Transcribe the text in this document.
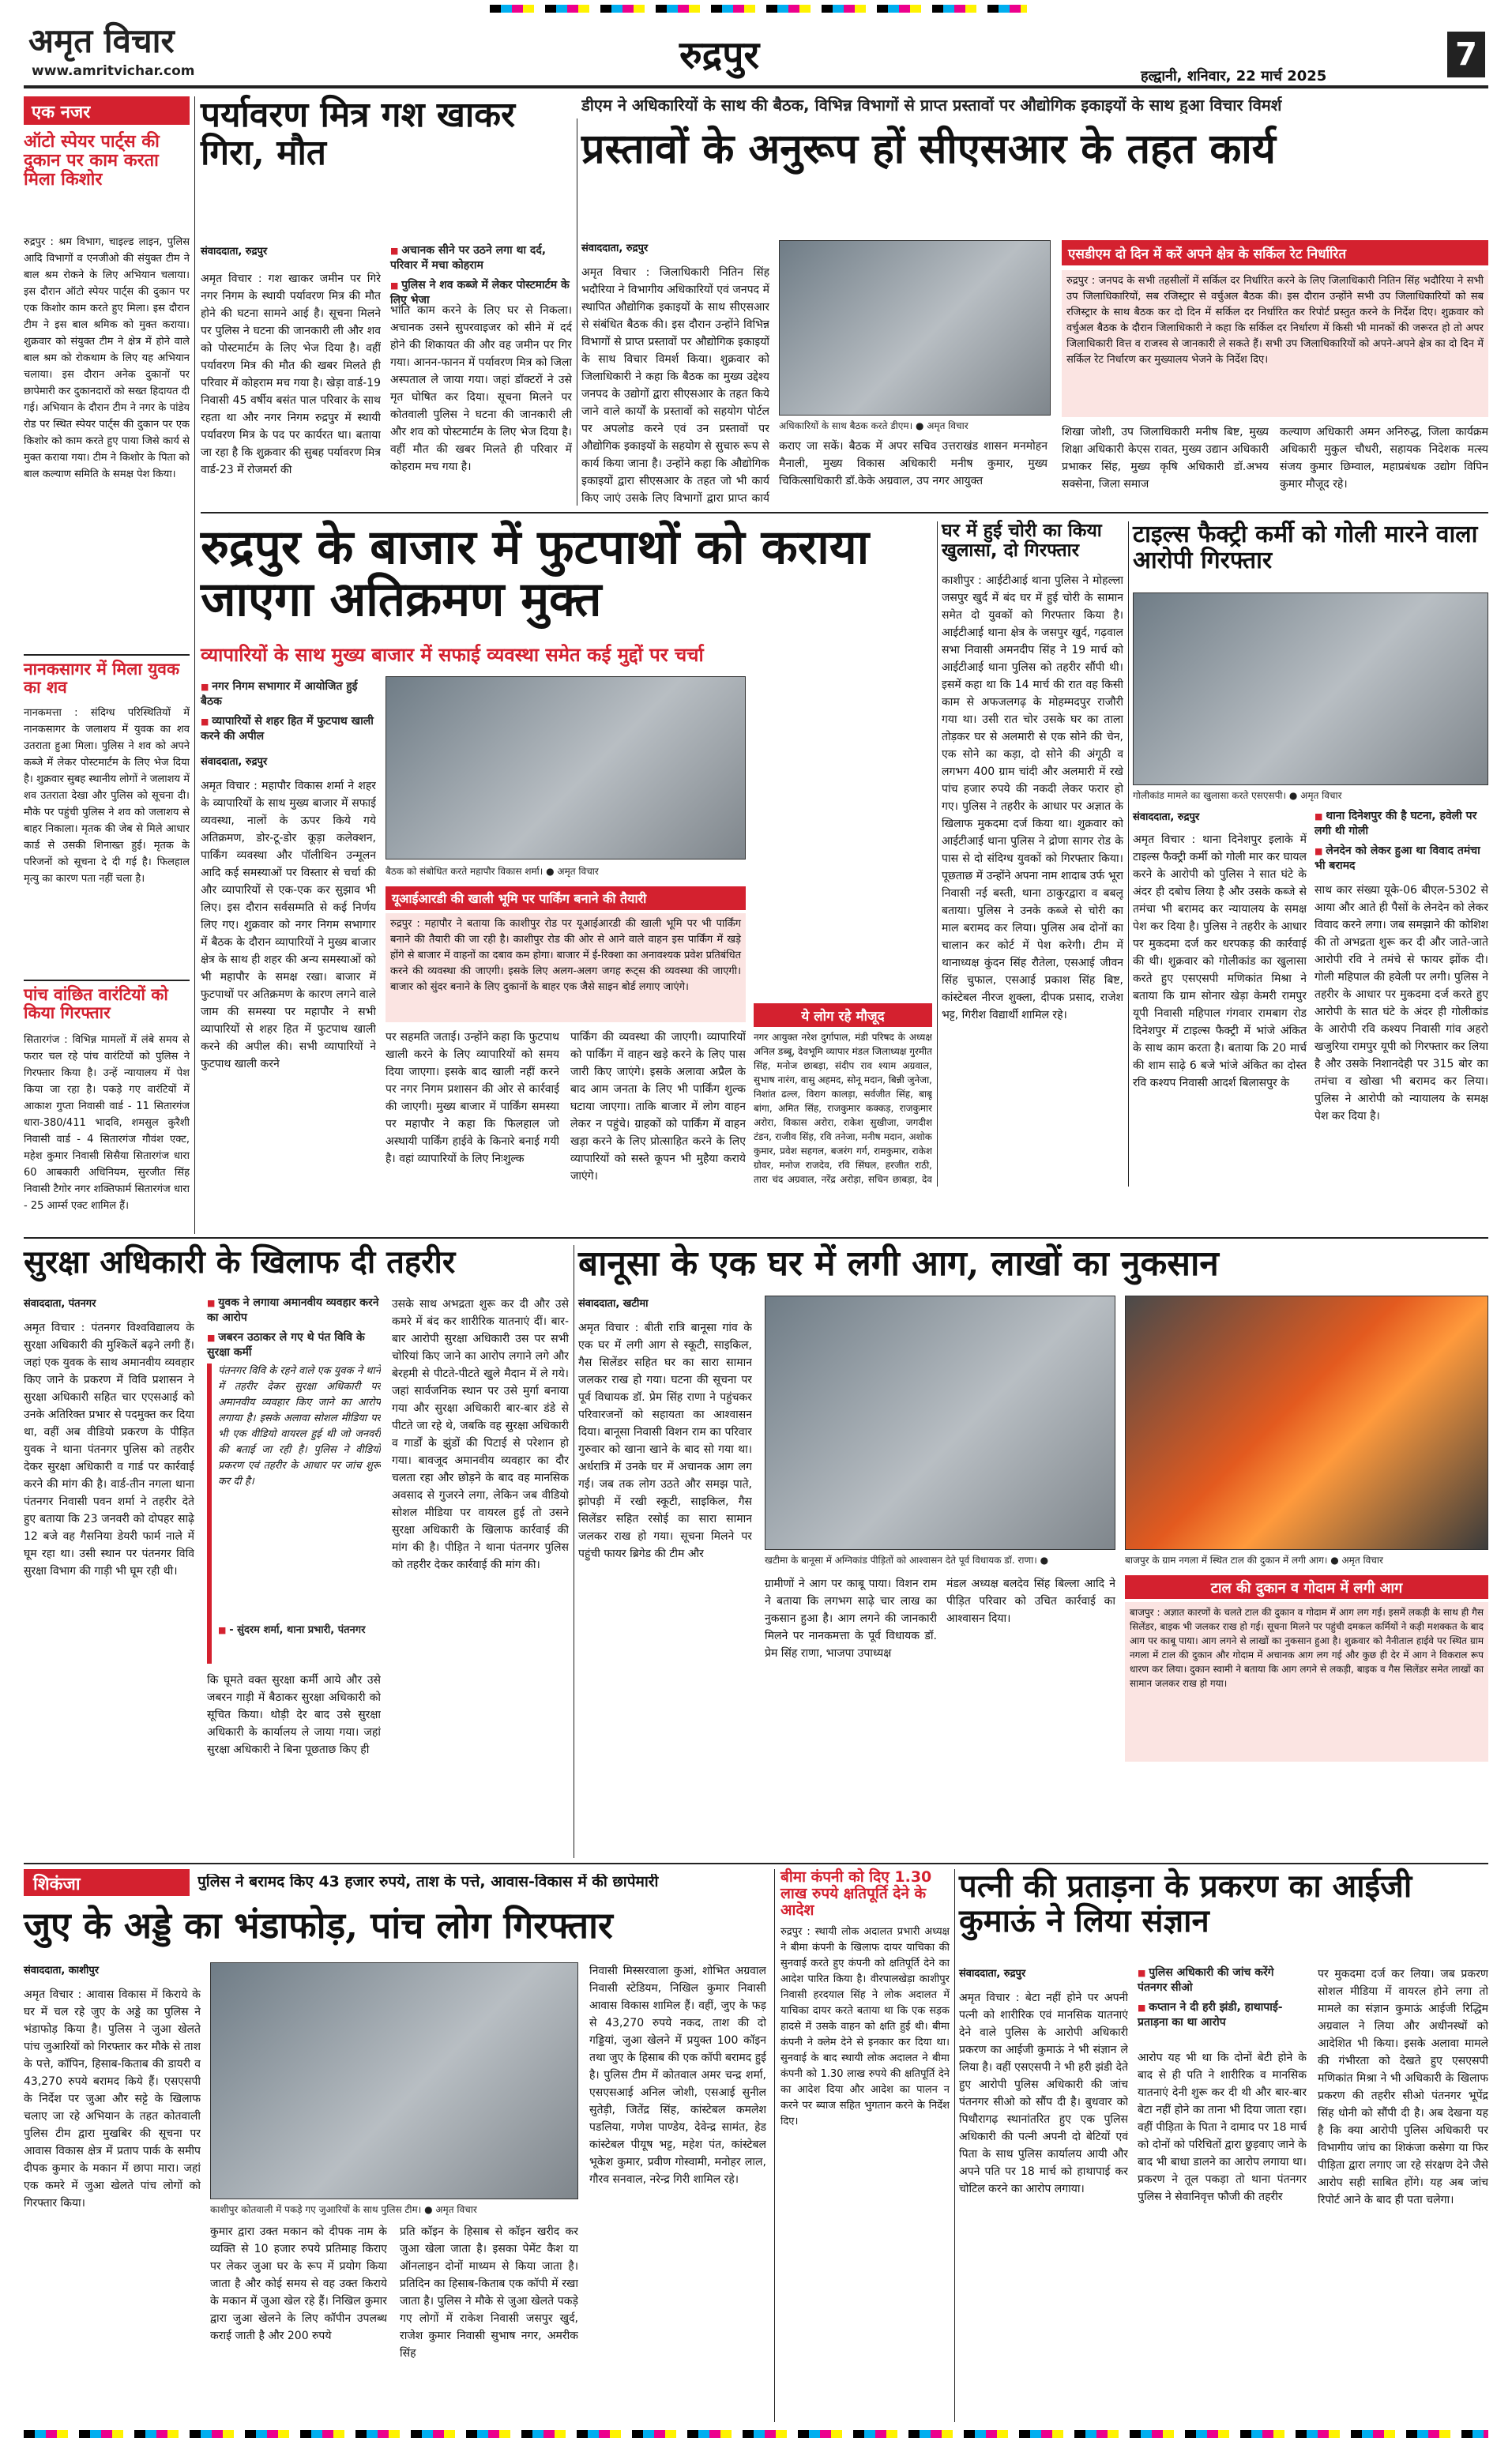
अमृत विचार
www.amritvichar.com	रुद्रपुर	हल्द्वानी, शनिवार, 22 मार्च 2025
7
एक नजर
ऑटो स्पेयर पार्ट्स की दुकान पर काम करता मिला किशोर
रुद्रपुर : श्रम विभाग, चाइल्ड लाइन, पुलिस आदि विभागों व एनजीओ की संयुक्त टीम ने बाल श्रम रोकने के लिए अभियान चलाया। इस दौरान ऑटो स्पेयर पार्ट्स की दुकान पर एक किशोर काम करते हुए मिला। इस दौरान टीम ने इस बाल श्रमिक को मुक्त कराया। शुक्रवार को संयुक्त टीम ने क्षेत्र में होने वाले बाल श्रम को रोकथाम के लिए यह अभियान चलाया। इस दौरान अनेक दुकानों पर छापेमारी कर दुकानदारों को सख्त हिदायत दी गई। अभियान के दौरान टीम ने नगर के पांडेय रोड पर स्थित स्पेयर पार्ट्स की दुकान पर एक किशोर को काम करते हुए पाया जिसे कार्य से मुक्त कराया गया। टीम ने किशोर के पिता को बाल कल्याण समिति के समक्ष पेश किया।
नानकसागर में मिला युवक का शव
नानकमत्ता : संदिग्ध परिस्थितियों में नानकसागर के जलाशय में युवक का शव उतराता हुआ मिला। पुलिस ने शव को अपने कब्जे में लेकर पोस्टमार्टम के लिए भेज दिया है। शुक्रवार सुबह स्थानीय लोगों ने जलाशय में शव उतराता देखा और पुलिस को सूचना दी। मौके पर पहुंची पुलिस ने शव को जलाशय से बाहर निकाला। मृतक की जेब से मिले आधार कार्ड से उसकी शिनाख्त हुई। मृतक के परिजनों को सूचना दे दी गई है। फिलहाल मृत्यु का कारण पता नहीं चला है।
पांच वांछित वारंटियों को किया गिरफ्तार
सितारगंज : विभिन्न मामलों में लंबे समय से फरार चल रहे पांच वारंटियों को पुलिस ने गिरफ्तार किया है। उन्हें न्यायालय में पेश किया जा रहा है। पकड़े गए वारंटियों में आकाश गुप्ता निवासी वार्ड - 11 सितारगंज धारा-380/411 भादवि, शमसुल कुरैशी निवासी वार्ड - 4 सितारगंज गौवंश एक्ट, महेश कुमार निवासी सिसैया सितारगंज धारा 60 आबकारी अधिनियम, सुरजीत सिंह निवासी टैगोर नगर शक्तिफार्म सितारगंज धारा - 25 आर्म्स एक्ट शामिल हैं।
पर्यावरण मित्र गश खाकर गिरा, मौत
संवाददाता, रुद्रपुर	■ अचानक सीने पर उठने लगा था दर्द, परिवार में मचा कोहराम
■ पुलिस ने शव कब्जे में लेकर पोस्टमार्टम के लिए भेजा
अमृत विचार : गश खाकर जमीन पर गिरे नगर निगम के स्थायी पर्यावरण मित्र की मौत होने की घटना सामने आई है। सूचना मिलने पर पुलिस ने घटना की जानकारी ली और शव को पोस्टमार्टम के लिए भेज दिया है। वहीं पर्यावरण मित्र की मौत की खबर मिलते ही परिवार में कोहराम मच गया है। खेड़ा वार्ड-19 निवासी 45 वर्षीय बसंत पाल परिवार के साथ रहता था और नगर निगम रुद्रपुर में स्थायी पर्यावरण मित्र के पद पर कार्यरत था। बताया जा रहा है कि शुक्रवार की सुबह पर्यावरण मित्र वार्ड-23 में रोजमर्रा की
भांति काम करने के लिए घर से निकला। अचानक उसने सुपरवाइजर को सीने में दर्द होने की शिकायत की और वह जमीन पर गिर गया। आनन-फानन में पर्यावरण मित्र को जिला अस्पताल ले जाया गया। जहां डॉक्टरों ने उसे मृत घोषित कर दिया। सूचना मिलने पर कोतवाली पुलिस ने घटना की जानकारी ली और शव को पोस्टमार्टम के लिए भेज दिया है। वहीं मौत की खबर मिलते ही परिवार में कोहराम मच गया है।
डीएम ने अधिकारियों के साथ की बैठक, विभिन्न विभागों से प्राप्त प्रस्तावों पर औद्योगिक इकाइयों के साथ हुआ विचार विमर्श
प्रस्तावों के अनुरूप हों सीएसआर के तहत कार्य
संवाददाता, रुद्रपुर
अमृत विचार : जिलाधिकारी नितिन सिंह भदौरिया ने विभागीय अधिकारियों एवं जनपद में स्थापित औद्योगिक इकाइयों के साथ सीएसआर से संबंधित बैठक की। इस दौरान उन्होंने विभिन्न विभागों से प्राप्त प्रस्तावों पर औद्योगिक इकाइयों के साथ विचार विमर्श किया। शुक्रवार को जिलाधिकारी ने कहा कि बैठक का मुख्य उद्देश्य जनपद के उद्योगों द्वारा सीएसआर के तहत किये जाने वाले कार्यों के प्रस्तावों को सहयोग पोर्टल पर अपलोड करने एवं उन प्रस्तावों पर औद्योगिक इकाइयों के सहयोग से सुचारु रूप से कार्य किया जाना है। उन्होंने कहा कि औद्योगिक इकाइयों द्वारा सीएसआर के तहत जो भी कार्य किए जाएं उसके लिए विभागों द्वारा प्राप्त कार्य
अधिकारियों के साथ बैठक करते डीएम। ● अमृत विचार
कराए जा सकें। बैठक में अपर सचिव उत्तराखंड शासन मनमोहन मैनाली, मुख्य विकास अधिकारी मनीष कुमार, मुख्य चिकित्साधिकारी डॉ.केके अग्रवाल, उप नगर आयुक्त
एसडीएम दो दिन में करें अपने क्षेत्र के सर्किल रेट निर्धारित
रुद्रपुर : जनपद के सभी तहसीलों में सर्किल दर निर्धारित करने के लिए जिलाधिकारी नितिन सिंह भदौरिया ने सभी उप जिलाधिकारियों, सब रजिस्ट्रार से वर्चुअल बैठक की। इस दौरान उन्होंने सभी उप जिलाधिकारियों को सब रजिस्ट्रार के साथ बैठक कर दो दिन में सर्किल दर निर्धारित कर रिपोर्ट प्रस्तुत करने के निर्देश दिए। शुक्रवार को वर्चुअल बैठक के दौरान जिलाधिकारी ने कहा कि सर्किल दर निर्धारण में किसी भी मानकों की जरूरत हो तो अपर जिलाधिकारी वित्त व राजस्व से जानकारी ले सकते हैं। सभी उप जिलाधिकारियों को अपने-अपने क्षेत्र का दो दिन में सर्किल रेट निर्धारण कर मुख्यालय भेजने के निर्देश दिए।
शिखा जोशी, उप जिलाधिकारी मनीष बिष्ट, मुख्य शिक्षा अधिकारी केएस रावत, मुख्य उद्यान अधिकारी प्रभाकर सिंह, मुख्य कृषि अधिकारी डॉ.अभय सक्सेना, जिला समाज
कल्याण अधिकारी अमन अनिरुद्ध, जिला कार्यक्रम अधिकारी मुकुल चौधरी, सहायक निदेशक मत्स्य संजय कुमार छिम्वाल, महाप्रबंधक उद्योग विपिन कुमार मौजूद रहे।
रुद्रपुर के बाजार में फुटपाथों को कराया जाएगा अतिक्रमण मुक्त
व्यापारियों के साथ मुख्य बाजार में सफाई व्यवस्था समेत कई मुद्दों पर चर्चा
■ नगर निगम सभागार में आयोजित हुई बैठक
■ व्यापारियों से शहर हित में फुटपाथ खाली करने की अपील
बैठक को संबोधित करते महापौर विकास शर्मा। ● अमृत विचार
संवाददाता, रुद्रपुर
अमृत विचार : महापौर विकास शर्मा ने शहर के व्यापारियों के साथ मुख्य बाजार में सफाई व्यवस्था, नालों के ऊपर किये गये अतिक्रमण, डोर-टू-डोर कूड़ा कलेक्शन, पार्किंग व्यवस्था और पॉलीथिन उन्मूलन आदि कई समस्याओं पर विस्तार से चर्चा की और व्यापारियों से एक-एक कर सुझाव भी लिए। इस दौरान सर्वसम्मति से कई निर्णय लिए गए। शुक्रवार को नगर निगम सभागार में बैठक के दौरान व्यापारियों ने मुख्य बाजार क्षेत्र के साथ ही शहर की अन्य समस्याओं को भी महापौर के समक्ष रखा। बाजार में फुटपाथों पर अतिक्रमण के कारण लगने वाले जाम की समस्या पर महापौर ने सभी व्यापारियों से शहर हित में फुटपाथ खाली करने की अपील की। सभी व्यापारियों ने फुटपाथ खाली करने
यूआईआरडी की खाली भूमि पर पार्किंग बनाने की तैयारी
रुद्रपुर : महापौर ने बताया कि काशीपुर रोड पर यूआईआरडी की खाली भूमि पर भी पार्किंग बनाने की तैयारी की जा रही है। काशीपुर रोड की ओर से आने वाले वाहन इस पार्किंग में खड़े होंगे से बाजार में वाहनों का दबाव कम होगा। बाजार में ई-रिक्शा का अनावश्यक प्रवेश प्रतिबंधित करने की व्यवस्था की जाएगी। इसके लिए अलग-अलग जगह रूट्स की व्यवस्था की जाएगी। बाजार को सुंदर बनाने के लिए दुकानों के बाहर एक जैसे साइन बोर्ड लगाए जाएंगे।
पर सहमति जताई। उन्होंने कहा कि फुटपाथ खाली करने के लिए व्यापारियों को समय दिया जाएगा। इसके बाद खाली नहीं करने पर नगर निगम प्रशासन की ओर से कार्रवाई की जाएगी। मुख्य बाजार में पार्किंग समस्या पर महापौर ने कहा कि फिलहाल जो अस्थायी पार्किंग हाईवे के किनारे बनाई गयी है। वहां व्यापारियों के लिए निःशुल्क
पार्किंग की व्यवस्था की जाएगी। व्यापारियों को पार्किंग में वाहन खड़े करने के लिए पास जारी किए जाएंगे। इसके अलावा अप्रैल के बाद आम जनता के लिए भी पार्किंग शुल्क घटाया जाएगा। ताकि बाजार में लोग वाहन लेकर न पहुंचे। ग्राहकों को पार्किंग में वाहन खड़ा करने के लिए प्रोत्साहित करने के लिए व्यापारियों को सस्ते कूपन भी मुहैया कराये जाएंगे।
ये लोग रहे मौजूद
नगर आयुक्त नरेश दुर्गापाल, मंडी परिषद के अध्यक्ष अनिल डब्बू, देवभूमि व्यापार मंडल जिलाध्यक्ष गुरमीत सिंह, मनोज छाबड़ा, संदीप राव श्याम अग्रवाल, सुभाष नारंग, वासु अहमद, सोनू मदान, बिन्नी जुनेजा, निशांत ढल्ल, विराग कालड़ा, सर्वजीत सिंह, बाबू बांगा, अमित सिंह, राजकुमार कक्कड़, राजकुमार अरोरा, विकास अरोरा, राकेश सुखीजा, जगदीश टंडन, राजीव सिंह, रवि तनेजा, मनीष मदान, अशोक कुमार, प्रवेश सहगल, बजरंग गर्ग, रामकुमार, राकेश ग्रोवर, मनोज राजदेव, रवि सिंघल, हरजीत राठी, तारा चंद अग्रवाल, नरेंद्र अरोड़ा, सचिन छाबड़ा, देव
घर में हुई चोरी का किया खुलासा, दो गिरफ्तार
काशीपुर : आईटीआई थाना पुलिस ने मोहल्ला जसपुर खुर्द में बंद घर में हुई चोरी के सामान समेत दो युवकों को गिरफ्तार किया है। आईटीआई थाना क्षेत्र के जसपुर खुर्द, गढ़वाल सभा निवासी अमनदीप सिंह ने 19 मार्च को आईटीआई थाना पुलिस को तहरीर सौंपी थी। इसमें कहा था कि 14 मार्च की रात वह किसी काम से अफजलगढ़ के मोहम्मदपुर राजौरी गया था। उसी रात चोर उसके घर का ताला तोड़कर घर से अलमारी से एक सोने की चेन, एक सोने का कड़ा, दो सोने की अंगूठी व लगभग 400 ग्राम चांदी और अलमारी में रखे पांच हजार रुपये की नकदी लेकर फरार हो गए। पुलिस ने तहरीर के आधार पर अज्ञात के खिलाफ मुकदमा दर्ज किया था। शुक्रवार को आईटीआई थाना पुलिस ने द्रोणा सागर रोड के पास से दो संदिग्ध युवकों को गिरफ्तार किया। पूछताछ में उन्होंने अपना नाम शादाब उर्फ भूरा निवासी नई बस्ती, थाना ठाकुरद्वारा व बबलू बताया। पुलिस ने उनके कब्जे से चोरी का माल बरामद कर लिया। पुलिस अब दोनों का चालान कर कोर्ट में पेश करेगी। टीम में थानाध्यक्ष कुंदन सिंह रौतेला, एसआई जीवन सिंह चुफाल, एसआई प्रकाश सिंह बिष्ट, कांस्टेबल नीरज शुक्ला, दीपक प्रसाद, राजेश भट्ट, गिरीश विद्यार्थी शामिल रहे।
टाइल्स फैक्ट्री कर्मी को गोली मारने वाला आरोपी गिरफ्तार
गोलीकांड मामले का खुलासा करते एसएसपी। ● अमृत विचार
संवाददाता, रुद्रपुर	■ थाना दिनेशपुर की है घटना, हवेली पर लगी थी गोली
■ लेनदेन को लेकर हुआ था विवाद तमंचा भी बरामद
अमृत विचार : थाना दिनेशपुर इलाके में टाइल्स फैक्ट्री कर्मी को गोली मार कर घायल करने के आरोपी को पुलिस ने सात घंटे के अंदर ही दबोच लिया है और उसके कब्जे से तमंचा भी बरामद कर न्यायालय के समक्ष पेश कर दिया है। पुलिस ने तहरीर के आधार पर मुकदमा दर्ज कर धरपकड़ की कार्रवाई की थी। शुक्रवार को गोलीकांड का खुलासा करते हुए एसएसपी मणिकांत मिश्रा ने बताया कि ग्राम सोनार खेड़ा केमरी रामपुर यूपी निवासी महिपाल गंगवार रामबाग रोड दिनेशपुर में टाइल्स फैक्ट्री में भांजे अंकित के साथ काम करता है। बताया कि 20 मार्च की शाम साढ़े 6 बजे भांजे अंकित का दोस्त रवि कश्यप निवासी आदर्श बिलासपुर के
साथ कार संख्या यूके-06 बीएल-5302 से आया और आते ही पैसों के लेनदेन को लेकर विवाद करने लगा। जब समझाने की कोशिश की तो अभद्रता शुरू कर दी और जाते-जाते आरोपी रवि ने तमंचे से फायर झोंक दी। गोली महिपाल की हवेली पर लगी। पुलिस ने तहरीर के आधार पर मुकदमा दर्ज करते हुए आरोपी के सात घंटे के अंदर ही गोलीकांड के आरोपी रवि कश्यप निवासी गांव अहरो खजुरिया रामपुर यूपी को गिरफ्तार कर लिया है और उसके निशानदेही पर 315 बोर का तमंचा व खोखा भी बरामद कर लिया। पुलिस ने आरोपी को न्यायालय के समक्ष पेश कर दिया है।
सुरक्षा अधिकारी के खिलाफ दी तहरीर
संवाददाता, पंतनगर
अमृत विचार : पंतनगर विश्वविद्यालय के सुरक्षा अधिकारी की मुश्किलें बढ़ने लगी हैं। जहां एक युवक के साथ अमानवीय व्यवहार किए जाने के प्रकरण में विवि प्रशासन ने सुरक्षा अधिकारी सहित चार एएसआई को उनके अतिरिक्त प्रभार से पदमुक्त कर दिया था, वहीं अब वीडियो प्रकरण के पीड़ित युवक ने थाना पंतनगर पुलिस को तहरीर देकर सुरक्षा अधिकारी व गार्ड पर कार्रवाई करने की मांग की है। वार्ड-तीन नगला थाना पंतनगर निवासी पवन शर्मा ने तहरीर देते हुए बताया कि 23 जनवरी को दोपहर साढ़े 12 बजे वह गैसनिया डेयरी फार्म नाले में घूम रहा था। उसी स्थान पर पंतनगर विवि सुरक्षा विभाग की गाड़ी भी घूम रही थी।
■ युवक ने लगाया अमानवीय व्यवहार करने का आरोप
■ जबरन उठाकर ले गए थे पंत विवि के सुरक्षा कर्मी
पंतनगर विवि के रहने वाले एक युवक ने थाने में तहरीर देकर सुरक्षा अधिकारी पर अमानवीय व्यवहार किए जाने का आरोप लगाया है। इसके अलावा सोशल मीडिया पर भी एक वीडियो वायरल हुई थी जो जनवरी की बताई जा रही है। पुलिस ने वीडियो प्रकरण एवं तहरीर के आधार पर जांच शुरू कर दी है।
■ - सुंदरम शर्मा, थाना प्रभारी, पंतनगर
कि घूमते वक्त सुरक्षा कर्मी आये और उसे जबरन गाड़ी में बैठाकर सुरक्षा अधिकारी को सूचित किया। थोड़ी देर बाद उसे सुरक्षा अधिकारी के कार्यालय ले जाया गया। जहां सुरक्षा अधिकारी ने बिना पूछताछ किए ही
उसके साथ अभद्रता शुरू कर दी और उसे कमरे में बंद कर शारीरिक यातनाएं दीं। बार-बार आरोपी सुरक्षा अधिकारी उस पर सभी चोरियां किए जाने का आरोप लगाने लगे और बेरहमी से पीटते-पीटते खुले मैदान में ले गये। जहां सार्वजनिक स्थान पर उसे मुर्गा बनाया गया और सुरक्षा अधिकारी बार-बार डंडे से पीटते जा रहे थे, जबकि वह सुरक्षा अधिकारी व गार्डों के झुंडों की पिटाई से परेशान हो गया। बावजूद अमानवीय व्यवहार का दौर चलता रहा और छोड़ने के बाद वह मानसिक अवसाद से गुजरने लगा, लेकिन जब वीडियो सोशल मीडिया पर वायरल हुई तो उसने सुरक्षा अधिकारी के खिलाफ कार्रवाई की मांग की है। पीड़ित ने थाना पंतनगर पुलिस को तहरीर देकर कार्रवाई की मांग की।
बानूसा के एक घर में लगी आग, लाखों का नुकसान
संवाददाता, खटीमा
अमृत विचार : बीती रात्रि बानूसा गांव के एक घर में लगी आग से स्कूटी, साइकिल, गैस सिलेंडर सहित घर का सारा सामान जलकर राख हो गया। घटना की सूचना पर पूर्व विधायक डॉ. प्रेम सिंह राणा ने पहुंचकर परिवारजनों को सहायता का आश्वासन दिया। बानूसा निवासी विशन राम का परिवार गुरुवार को खाना खाने के बाद सो गया था। अर्धरात्रि में उनके घर में अचानक आग लग गई। जब तक लोग उठते और समझ पाते, झोपड़ी में रखी स्कूटी, साइकिल, गैस सिलेंडर सहित रसोई का सारा सामान जलकर राख हो गया। सूचना मिलने पर पहुंची फायर ब्रिगेड की टीम और	खटीमा के बानूसा में अग्निकांड पीड़ितों को आश्वासन देते पूर्व विधायक डॉ. राणा। ●	बाजपुर के ग्राम नगला में स्थित टाल की दुकान में लगी आग। ● अमृत विचार
ग्रामीणों ने आग पर काबू पाया। विशन राम ने बताया कि लगभग साढ़े चार लाख का नुकसान हुआ है। आग लगने की जानकारी मिलने पर नानकमत्ता के पूर्व विधायक डॉ. प्रेम सिंह राणा, भाजपा उपाध्यक्ष
मंडल अध्यक्ष बलदेव सिंह बिल्ला आदि ने पीड़ित परिवार को उचित कार्रवाई का आश्वासन दिया।
टाल की दुकान व गोदाम में लगी आग
बाजपुर : अज्ञात कारणों के चलते टाल की दुकान व गोदाम में आग लग गई। इसमें लकड़ी के साथ ही गैस सिलेंडर, बाइक भी जलकर राख हो गई। सूचना मिलने पर पहुंची दमकल कर्मियों ने कड़ी मशक्कत के बाद आग पर काबू पाया। आग लगने से लाखों का नुकसान हुआ है। शुक्रवार को नैनीताल हाईवे पर स्थित ग्राम नगला में टाल की दुकान और गोदाम में अचानक आग लग गई और कुछ ही देर में आग ने विकराल रूप धारण कर लिया। दुकान स्वामी ने बताया कि आग लगने से लकड़ी, बाइक व गैस सिलेंडर समेत लाखों का सामान जलकर राख हो गया।
शिकंजा	पुलिस ने बरामद किए 43 हजार रुपये, ताश के पत्ते, आवास-विकास में की छापेमारी
जुए के अड्डे का भंडाफोड़, पांच लोग गिरफ्तार
संवाददाता, काशीपुर
अमृत विचार : आवास विकास में किराये के घर में चल रहे जुए के अड्डे का पुलिस ने भंडाफोड़ किया है। पुलिस ने जुआ खेलते पांच जुआरियों को गिरफ्तार कर मौके से ताश के पत्ते, कॉपिन, हिसाब-किताब की डायरी व 43,270 रुपये बरामद किये हैं। एसएसपी के निर्देश पर जुआ और सट्टे के खिलाफ चलाए जा रहे अभियान के तहत कोतवाली पुलिस टीम द्वारा मुखबिर की सूचना पर आवास विकास क्षेत्र में प्रताप पार्क के समीप दीपक कुमार के मकान में छापा मारा। जहां एक कमरे में जुआ खेलते पांच लोगों को गिरफ्तार किया।	काशीपुर कोतवाली में पकड़े गए जुआरियों के साथ पुलिस टीम। ● अमृत विचार
कुमार द्वारा उक्त मकान को दीपक नाम के व्यक्ति से 10 हजार रुपये प्रतिमाह किराए पर लेकर जुआ घर के रूप में प्रयोग किया जाता है और कोई समय से वह उक्त किराये के मकान में जुआ खेल रहे हैं। निखिल कुमार द्वारा जुआ खेलने के लिए कॉपीन उपलब्ध कराई जाती है और 200 रुपये
प्रति कॉइन के हिसाब से कॉइन खरीद कर जुआ खेला जाता है। इसका पेमेंट कैश या ऑनलाइन दोनों माध्यम से किया जाता है। प्रतिदिन का हिसाब-किताब एक कॉपी में रखा जाता है। पुलिस ने मौके से जुआ खेलते पकड़े गए लोगों में राकेश निवासी जसपुर खुर्द, राजेश कुमार निवासी सुभाष नगर, अमरीक सिंह
निवासी मिस्सरवाला कुआं, शोभित अग्रवाल निवासी स्टेडियम, निखिल कुमार निवासी आवास विकास शामिल हैं। वहीं, जुए के फड़ से 43,270 रुपये नकद, ताश की दो गड्डियां, जुआ खेलने में प्रयुक्त 100 कॉइन तथा जुए के हिसाब की एक कॉपी बरामद हुई है। पुलिस टीम में कोतवाल अमर चन्द्र शर्मा, एसएसआई अनिल जोशी, एसआई सुनील सुतेड़ी, जितेंद्र सिंह, कांस्टेबल कमलेश पडलिया, गणेश पाण्डेय, देवेन्द्र सामंत, हेड कांस्टेबल पीयूष भट्ट, महेश पंत, कांस्टेबल भूकेश कुमार, प्रवीण गोस्वामी, मनोहर लाल, गौरव सनवाल, नरेन्द्र गिरी शामिल रहे।
बीमा कंपनी को दिए 1.30 लाख रुपये क्षतिपूर्ति देने के आदेश
रुद्रपुर : स्थायी लोक अदालत प्रभारी अध्यक्ष ने बीमा कंपनी के खिलाफ दायर याचिका की सुनवाई करते हुए कंपनी को क्षतिपूर्ति देने का आदेश पारित किया है। वीरपालखेड़ा काशीपुर निवासी हरदयाल सिंह ने लोक अदालत में याचिका दायर करते बताया था कि एक सड़क हादसे में उसके वाहन को क्षति हुई थी। बीमा कंपनी ने क्लेम देने से इनकार कर दिया था। सुनवाई के बाद स्थायी लोक अदालत ने बीमा कंपनी को 1.30 लाख रुपये की क्षतिपूर्ति देने का आदेश दिया और आदेश का पालन न करने पर ब्याज सहित भुगतान करने के निर्देश दिए।
पत्नी की प्रताड़ना के प्रकरण का आईजी कुमाऊं ने लिया संज्ञान
संवाददाता, रुद्रपुर	■ पुलिस अधिकारी की जांच करेंगे पंतनगर सीओ
■ कप्तान ने दी हरी झंडी, हाथापाई-प्रताड़ना का था आरोप
अमृत विचार : बेटा नहीं होने पर अपनी पत्नी को शारीरिक एवं मानसिक यातनाएं देने वाले पुलिस के आरोपी अधिकारी प्रकरण का आईजी कुमाऊं ने भी संज्ञान ले लिया है। वहीं एसएसपी ने भी हरी झंडी देते हुए आरोपी पुलिस अधिकारी की जांच पंतनगर सीओ को सौंप दी है। बुधवार को पिथौरागढ़ स्थानांतरित हुए एक पुलिस अधिकारी की पत्नी अपनी दो बेटियों एवं पिता के साथ पुलिस कार्यालय आयी और अपने पति पर 18 मार्च को हाथापाई कर चोटिल करने का आरोप लगाया।
आरोप यह भी था कि दोनों बेटी होने के बाद से ही पति ने शारीरिक व मानसिक यातनाएं देनी शुरू कर दी थी और बार-बार बेटा नहीं होने का ताना भी दिया जाता रहा। वहीं पीड़िता के पिता ने दामाद पर 18 मार्च को दोनों को परिचितों द्वारा छुड़वाए जाने के बाद भी बाधा डालने का आरोप लगाया था। प्रकरण ने तूल पकड़ा तो थाना पंतनगर पुलिस ने सेवानिवृत्त फौजी की तहरीर
पर मुकदमा दर्ज कर लिया। जब प्रकरण सोशल मीडिया में वायरल होने लगा तो मामले का संज्ञान कुमाऊं आईजी रिद्धिम अग्रवाल ने लिया और अधीनस्थों को आदेशित भी किया। इसके अलावा मामले की गंभीरता को देखते हुए एसएसपी मणिकांत मिश्रा ने भी अधिकारी के खिलाफ प्रकरण की तहरीर सीओ पंतनगर भूपेंद्र सिंह धोनी को सौंपी दी है। अब देखना यह है कि क्या आरोपी पुलिस अधिकारी पर विभागीय जांच का शिकंजा कसेगा या फिर पीड़िता द्वारा लगाए जा रहे संरक्षण देने जैसे आरोप सही साबित होंगे। यह अब जांच रिपोर्ट आने के बाद ही पता चलेगा।
